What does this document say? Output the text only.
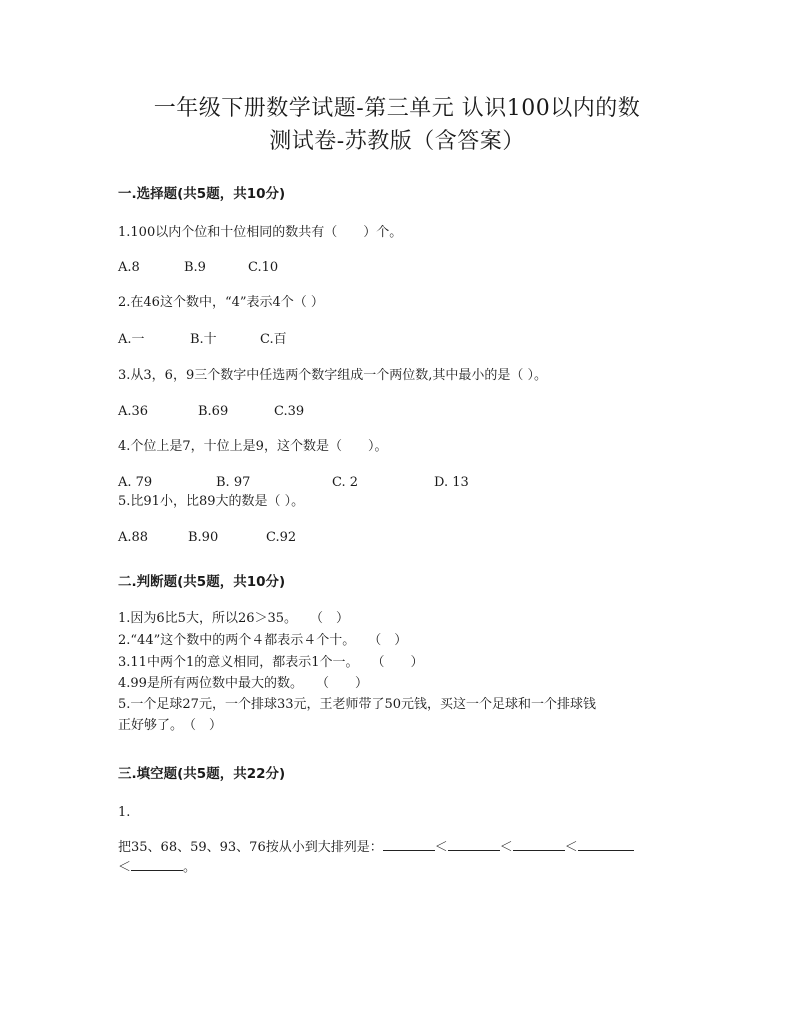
一年级下册数学试题-第三单元 认识100以内的数
测试卷-苏教版（含答案）
一.选择题(共5题，共10分)
1.100以内个位和十位相同的数共有（　　）个。
A.8	B.9	C.10
2.在46这个数中，“4”表示4个（ ）
A.一	B.十	C.百
3.从3，6，9三个数字中任选两个数字组成一个两位数,其中最小的是（ ）。
A.36	B.69	C.39
4.个位上是7，十位上是9，这个数是（　　）。
A. 79	B. 97	C. 2	D. 13
5.比91小，比89大的数是（ ）。
A.88	B.90	C.92
二.判断题(共5题，共10分)
1.因为6比5大，所以26＞35。　　（　）
2.“44”这个数中的两个４都表示４个十。　　（　）
3.11中两个1的意义相同，都表示1个一。　　（　　）
4.99是所有两位数中最大的数。　　（　　）
5.一个足球27元，一个排球33元，王老师带了50元钱，买这一个足球和一个排球钱
正好够了。　（　）
三.填空题(共5题，共22分)
1.
把35、68、59、93、76按从小到大排列是：	＜	＜	＜
＜	。
